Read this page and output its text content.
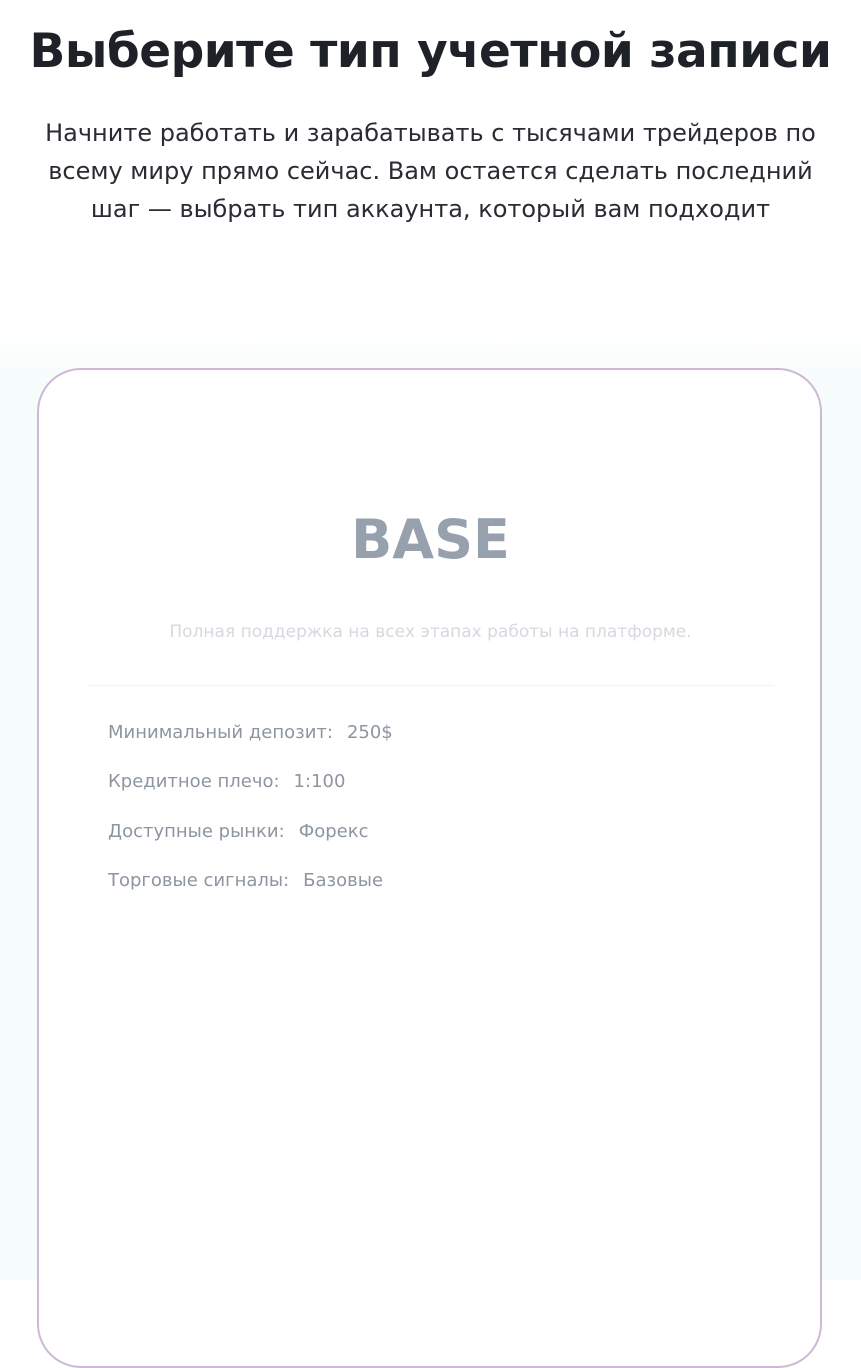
Выберите тип учетной записи

Начните работать и зарабатывать с тысячами трейдеров по всему миру прямо сейчас. Вам остается сделать последний шаг — выбрать тип аккаунта, который вам подходит

BASE

Полная поддержка на всех этапах работы на платформе.

Минимальный депозит: 250$
Кредитное плечо: 1:100
Доступные рынки: Форекс
Торговые сигналы: Базовые
